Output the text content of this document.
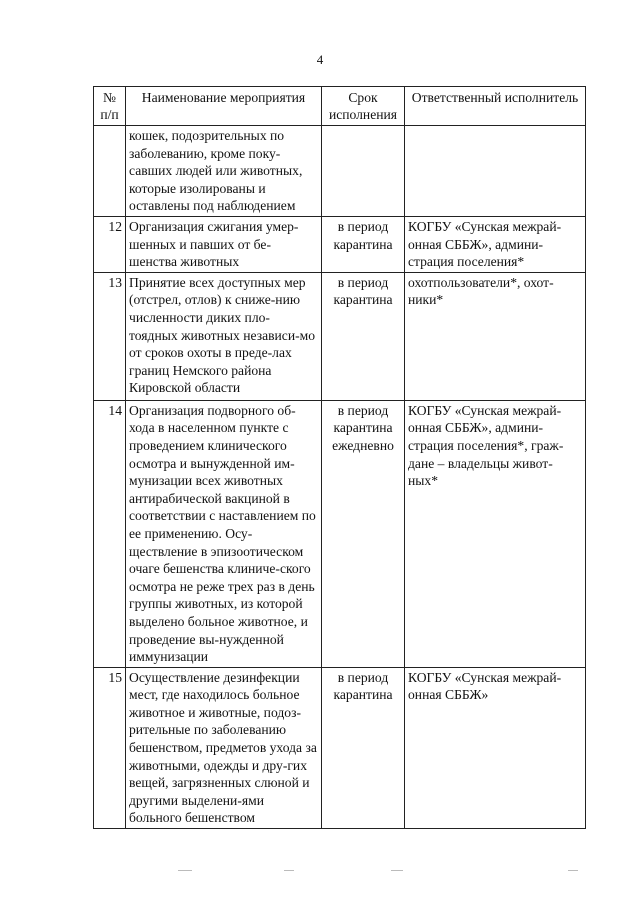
4
№ п/п	Наименование мероприятия	Срок исполнения	Ответственный исполнитель
	кошек, подозрительных по заболеванию, кроме поку-савших людей или животных, которые изолированы и оставлены под наблюдением		
12	Организация сжигания умер-шенных и павших от бе-шенства животных	в период карантина	КОГБУ «Сунская межрай-онная СББЖ», админи-страция поселения*
13	Принятие всех доступных мер (отстрел, отлов) к сниже-нию численности диких пло-тоядных животных независи-мо от сроков охоты в преде-лах границ Немского района Кировской области	в период карантина	охотпользователи*, охот-ники*
14	Организация подворного об-хода в населенном пункте с проведением клинического осмотра и вынужденной им-мунизации всех животных антирабической вакциной в соответствии с наставлением по ее применению. Осу-ществление в эпизоотическом очаге бешенства клиниче-ского осмотра не реже трех раз в день группы животных, из которой выделено больное животное, и проведение вы-нужденной иммунизации	в период карантина ежедневно	КОГБУ «Сунская межрай-онная СББЖ», админи-страция поселения*, граж-дане – владельцы живот-ных*
15	Осуществление дезинфекции мест, где находилось больное животное и животные, подоз-рительные по заболеванию бешенством, предметов ухода за животными, одежды и дру-гих вещей, загрязненных слюной и другими выделени-ями больного бешенством	в период карантина	КОГБУ «Сунская межрай-онная СББЖ»
